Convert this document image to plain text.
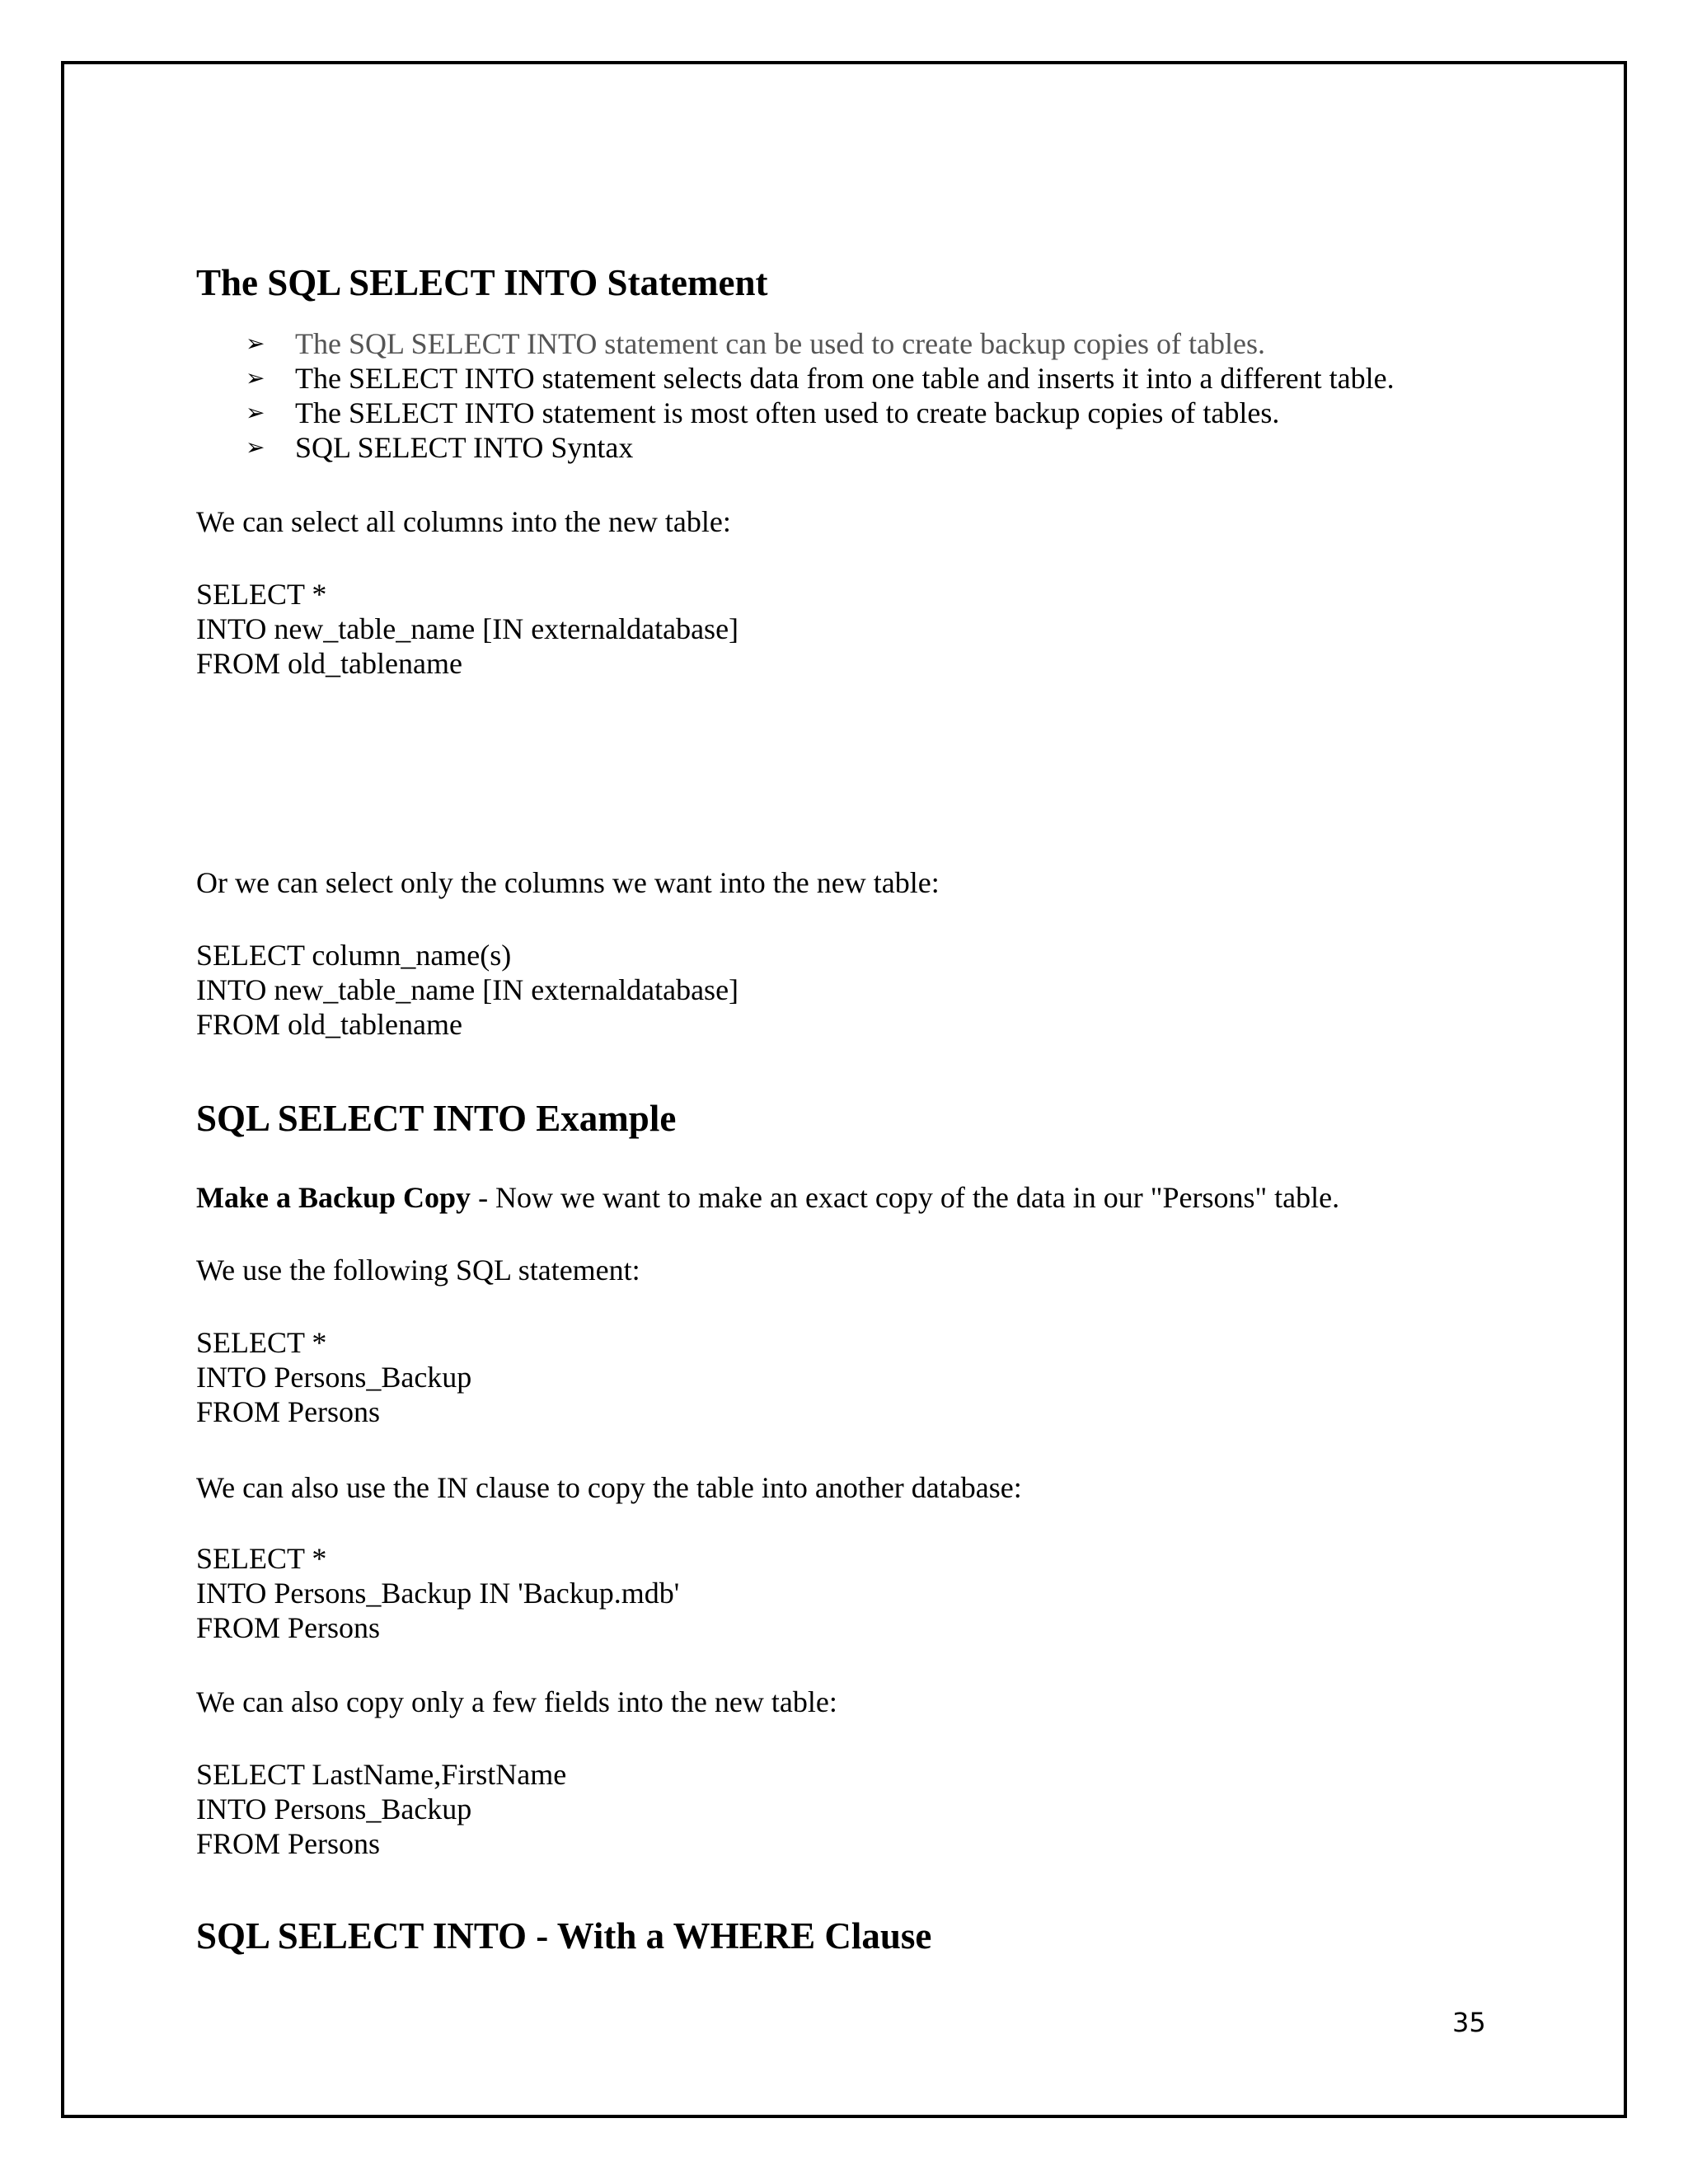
The SQL SELECT INTO Statement
➢ The SQL SELECT INTO statement can be used to create backup copies of tables.
➢ The SELECT INTO statement selects data from one table and inserts it into a different table.
➢ The SELECT INTO statement is most often used to create backup copies of tables.
➢ SQL SELECT INTO Syntax
We can select all columns into the new table:
SELECT *
INTO new_table_name [IN externaldatabase]
FROM old_tablename
Or we can select only the columns we want into the new table:
SELECT column_name(s)
INTO new_table_name [IN externaldatabase]
FROM old_tablename
SQL SELECT INTO Example
Make a Backup Copy - Now we want to make an exact copy of the data in our "Persons" table.
We use the following SQL statement:
SELECT *
INTO Persons_Backup
FROM Persons
We can also use the IN clause to copy the table into another database:
SELECT *
INTO Persons_Backup IN 'Backup.mdb'
FROM Persons
We can also copy only a few fields into the new table:
SELECT LastName,FirstName
INTO Persons_Backup
FROM Persons
SQL SELECT INTO - With a WHERE Clause
35
